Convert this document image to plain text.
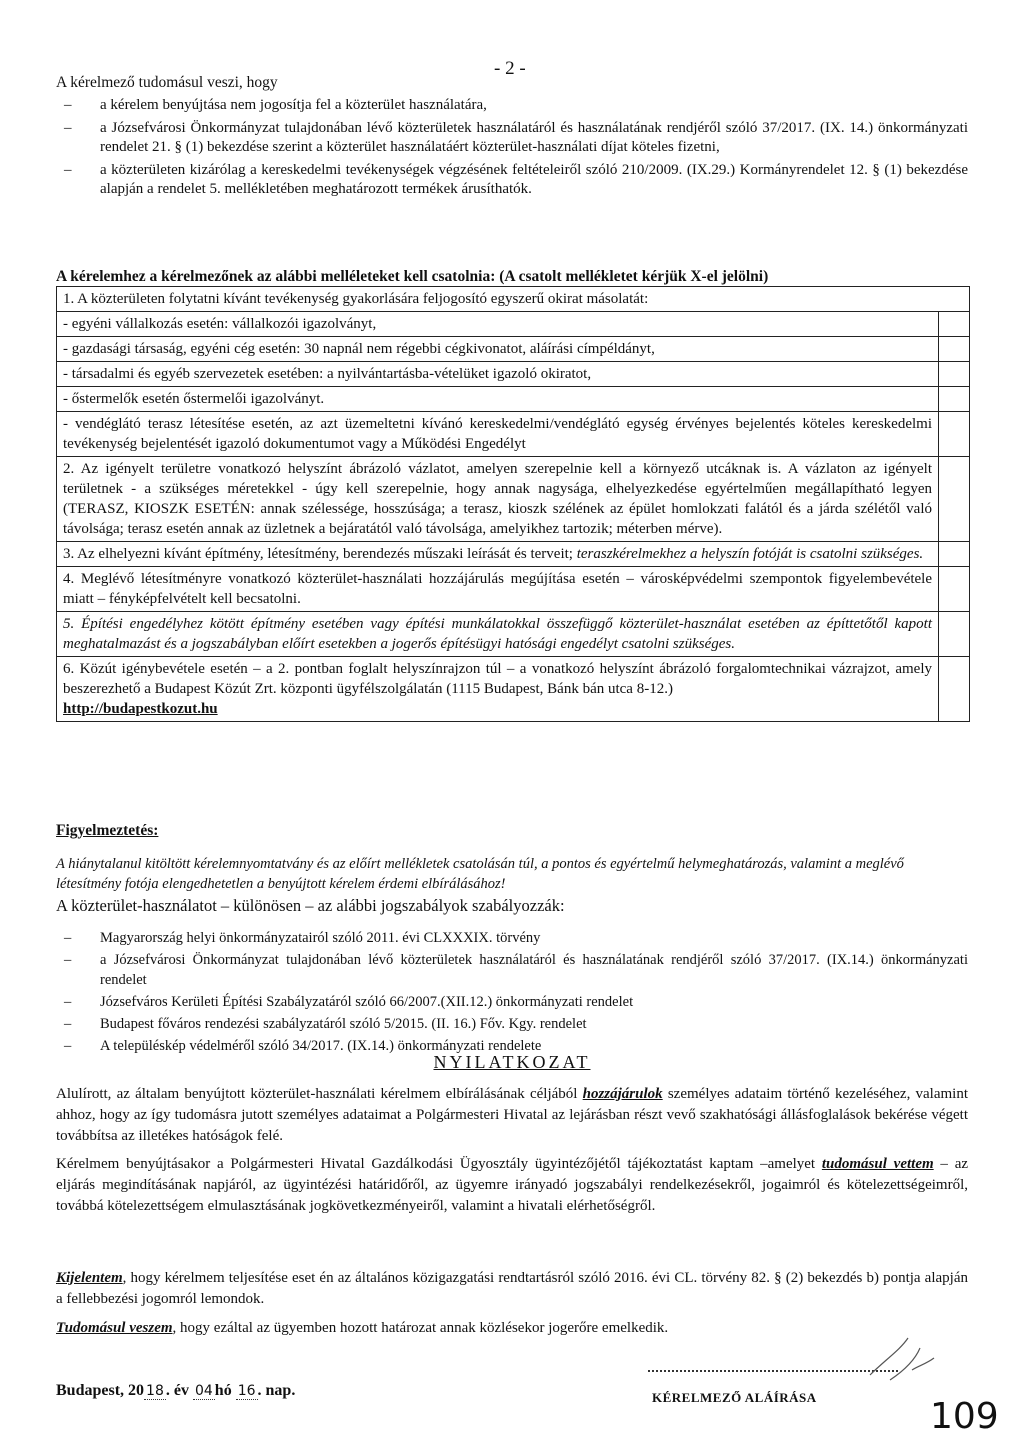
- 2 -
A kérelmező tudomásul veszi, hogy
– a kérelem benyújtása nem jogosítja fel a közterület használatára,
– a Józsefvárosi Önkormányzat tulajdonában lévő közterületek használatáról és használatának rendjéről szóló 37/2017. (IX. 14.) önkormányzati rendelet 21. § (1) bekezdése szerint a közterület használatáért közterület-használati díjat köteles fizetni,
– a közterületen kizárólag a kereskedelmi tevékenységek végzésének feltételeiről szóló 210/2009. (IX.29.) Kormányrendelet 12. § (1) bekezdése alapján a rendelet 5. mellékletében meghatározott termékek árusíthatók.
A kérelemhez a kérelmezőnek az alábbi melléleteket kell csatolnia: (A csatolt mellékletet kérjük X-el jelölni)
1. A közterületen folytatni kívánt tevékenység gyakorlására feljogosító egyszerű okirat másolatát:	
- egyéni vállalkozás esetén: vállalkozói igazolványt,	
- gazdasági társaság, egyéni cég esetén: 30 napnál nem régebbi cégkivonatot, aláírási címpéldányt,	
- társadalmi és egyéb szervezetek esetében: a nyilvántartásba-vételüket igazoló okiratot,	
- őstermelők esetén őstermelői igazolványt.	
- vendéglátó terasz létesítése esetén, az azt üzemeltetni kívánó kereskedelmi/vendéglátó egység érvényes bejelentés köteles kereskedelmi tevékenység bejelentését igazoló dokumentumot vagy a Működési Engedélyt	
2. Az igényelt területre vonatkozó helyszínt ábrázoló vázlatot, amelyen szerepelnie kell a környező utcáknak is. A vázlaton az igényelt területnek - a szükséges méretekkel - úgy kell szerepelnie, hogy annak nagysága, elhelyezkedése egyértelműen megállapítható legyen (TERASZ, KIOSZK ESETÉN: annak szélessége, hosszúsága; a terasz, kioszk szélének az épület homlokzati falától és a járda szélétől való távolsága; terasz esetén annak az üzletnek a bejáratától való távolsága, amelyikhez tartozik; méterben mérve).	
3. Az elhelyezni kívánt építmény, létesítmény, berendezés műszaki leírását és terveit; teraszkérelmekhez a helyszín fotóját is csatolni szükséges.	
4. Meglévő létesítményre vonatkozó közterület-használati hozzájárulás megújítása esetén – városképvédelmi szempontok figyelembevétele miatt – fényképfelvételt kell becsatolni.	
5. Építési engedélyhez kötött építmény esetében vagy építési munkálatokkal összefüggő közterület-használat esetében az építtetőtől kapott meghatalmazást és a jogszabályban előírt esetekben a jogerős építésügyi hatósági engedélyt csatolni szükséges.	
6. Közút igénybevétele esetén – a 2. pontban foglalt helyszínrajzon túl – a vonatkozó helyszínt ábrázoló forgalomtechnikai vázrajzot, amely beszerezhető a Budapest Közút Zrt. központi ügyfélszolgálatán (1115 Budapest, Bánk bán utca 8-12.)
http://budapestkozut.hu	
Figyelmeztetés:
A hiánytalanul kitöltött kérelemnyomtatvány és az előírt mellékletek csatolásán túl, a pontos és egyértelmű helymeghatározás, valamint a meglévő létesítmény fotója elengedhetetlen a benyújtott kérelem érdemi elbírálásához!
A közterület-használatot – különösen – az alábbi jogszabályok szabályozzák:
– Magyarország helyi önkormányzatairól szóló 2011. évi CLXXXIX. törvény
– a Józsefvárosi Önkormányzat tulajdonában lévő közterületek használatáról és használatának rendjéről szóló 37/2017. (IX.14.) önkormányzati rendelet
– Józsefváros Kerületi Építési Szabályzatáról szóló 66/2007.(XII.12.) önkormányzati rendelet
– Budapest főváros rendezési szabályzatáról szóló 5/2015. (II. 16.) Főv. Kgy. rendelet
– A településkép védelméről szóló 34/2017. (IX.14.) önkormányzati rendelete
NYILATKOZAT
Alulírott, az általam benyújtott közterület-használati kérelmem elbírálásának céljából hozzájárulok személyes adataim történő kezeléséhez, valamint ahhoz, hogy az így tudomásra jutott személyes adataimat a Polgármesteri Hivatal az lejárásban részt vevő szakhatósági állásfoglalások bekérése végett továbbítsa az illetékes hatóságok felé.
Kérelmem benyújtásakor a Polgármesteri Hivatal Gazdálkodási Ügyosztály ügyintézőjétől tájékoztatást kaptam –amelyet tudomásul vettem – az eljárás megindításának napjáról, az ügyintézési határidőről, az ügyemre irányadó jogszabályi rendelkezésekről, jogaimról és kötelezettségeimről, továbbá kötelezettségem elmulasztásának jogkövetkezményeiről, valamint a hivatali elérhetőségről.
Kijelentem, hogy kérelmem teljesítése eset én az általános közigazgatási rendtartásról szóló 2016. évi CL. törvény 82. § (2) bekezdés b) pontja alapján a fellebbezési jogomról lemondok.
Tudomásul veszem, hogy ezáltal az ügyemben hozott határozat annak közlésekor jogerőre emelkedik.
Budapest, 20 18 . év 04 hó 16 . nap.	KÉRELMEZŐ ALÁÍRÁSA	109
